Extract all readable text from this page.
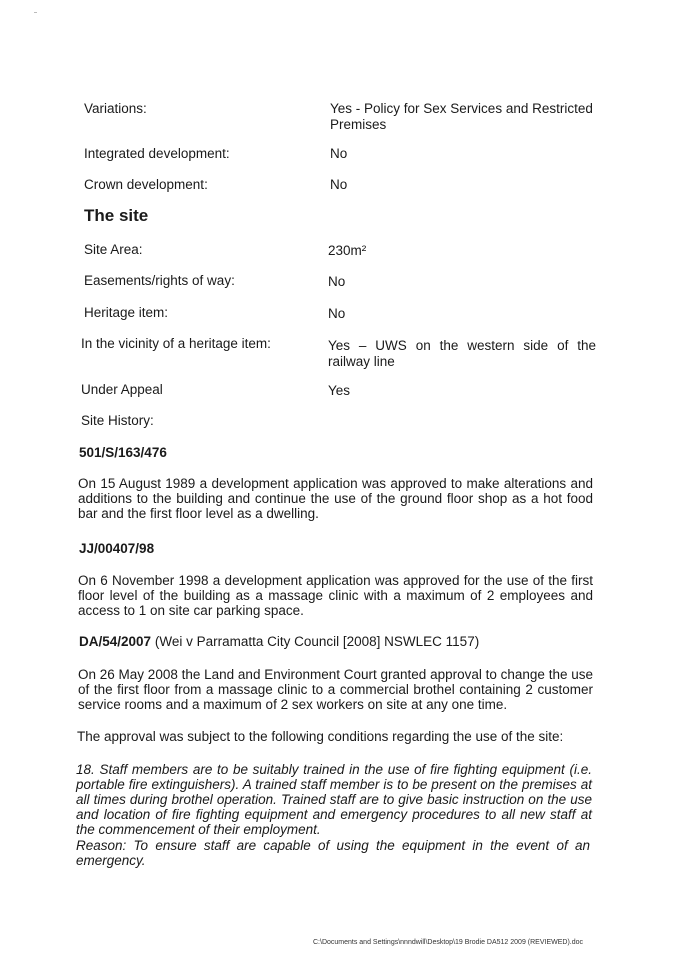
Variations:	Yes - Policy for Sex Services and Restricted Premises
Integrated development:	No
Crown development:	No
The site
Site Area:	230m²
Easements/rights of way:	No
Heritage item:	No
In the vicinity of a heritage item:	Yes – UWS on the western side of the railway line
Under Appeal	Yes
Site History:
501/S/163/476
On 15 August 1989 a development application was approved to make alterations and additions to the building and continue the use of the ground floor shop as a hot food bar and the first floor level as a dwelling.
JJ/00407/98
On 6 November 1998 a development application was approved for the use of the first floor level of the building as a massage clinic with a maximum of 2 employees and access to 1 on site car parking space.
DA/54/2007 (Wei v Parramatta City Council [2008] NSWLEC 1157)
On 26 May 2008 the Land and Environment Court granted approval to change the use of the first floor from a massage clinic to a commercial brothel containing 2 customer service rooms and a maximum of 2 sex workers on site at any one time.
The approval was subject to the following conditions regarding the use of the site:
18. Staff members are to be suitably trained in the use of fire fighting equipment (i.e. portable fire extinguishers). A trained staff member is to be present on the premises at all times during brothel operation. Trained staff are to give basic instruction on the use and location of fire fighting equipment and emergency procedures to all new staff at the commencement of their employment.
Reason: To ensure staff are capable of using the equipment in the event of an emergency.
C:\Documents and Settings\nnndwill\Desktop\19 Brodie DA512 2009 (REVIEWED).doc
